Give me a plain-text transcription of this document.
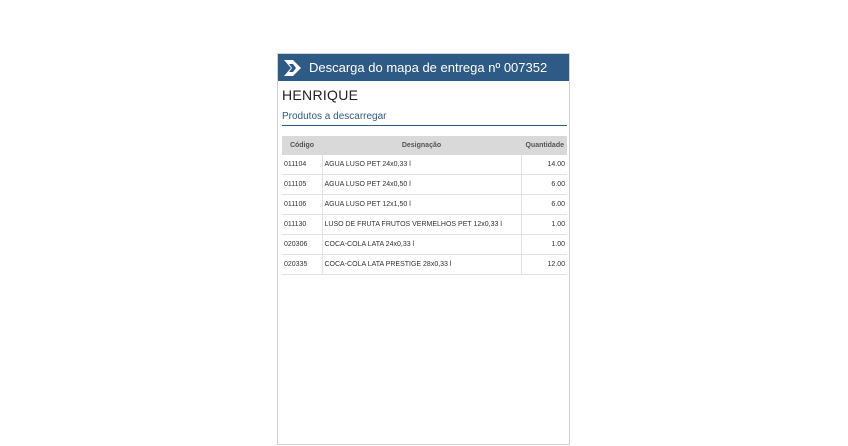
Descarga do mapa de entrega nº 007352
HENRIQUE
Produtos a descarregar
Código	Designação	Quantidade
011104	AGUA LUSO PET 24x0,33 l	14.00
011105	AGUA LUSO PET 24x0,50 l	6.00
011106	AGUA LUSO PET 12x1,50 l	6.00
011130	LUSO DE FRUTA FRUTOS VERMELHOS PET 12x0,33 l	1.00
020306	COCA-COLA LATA 24x0,33 l	1.00
020335	COCA-COLA LATA PRESTIGE 28x0,33 l	12.00
